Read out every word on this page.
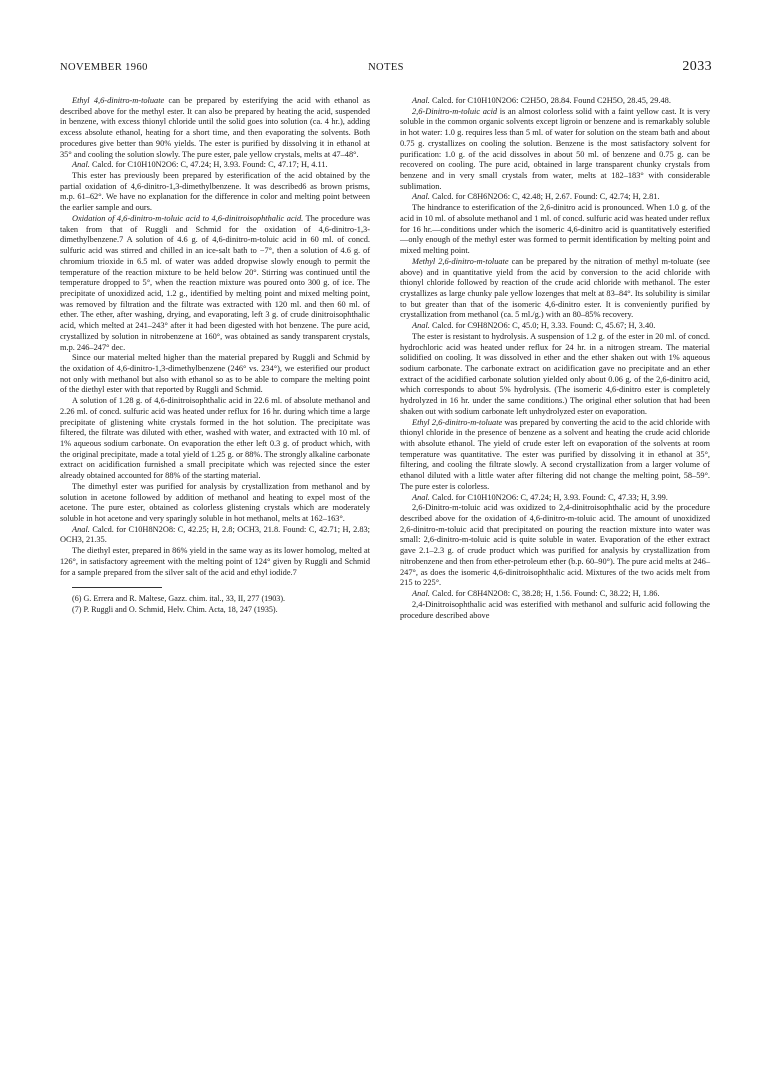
NOVEMBER 1960	NOTES	2033

Ethyl 4,6-dinitro-m-toluate can be prepared by esterifying the acid with ethanol as described above for the methyl ester. It can also be prepared by heating the acid, suspended in benzene, with excess thionyl chloride until the solid goes into solution (ca. 4 hr.), adding excess absolute ethanol, heating for a short time, and then evaporating the solvents. Both procedures give better than 90% yields. The ester is purified by dissolving it in ethanol at 35° and cooling the solution slowly. The pure ester, pale yellow crystals, melts at 47–48°.

Anal. Calcd. for C10H10N2O6: C, 47.24; H, 3.93. Found: C, 47.17; H, 4.11.

This ester has previously been prepared by esterification of the acid obtained by the partial oxidation of 4,6-dinitro-1,3-dimethylbenzene. It was described6 as brown prisms, m.p. 61–62°. We have no explanation for the difference in color and melting point between the earlier sample and ours.

Oxidation of 4,6-dinitro-m-toluic acid to 4,6-dinitroisophthalic acid. The procedure was taken from that of Ruggli and Schmid for the oxidation of 4,6-dinitro-1,3-dimethylbenzene.7 A solution of 4.6 g. of 4,6-dinitro-m-toluic acid in 60 ml. of concd. sulfuric acid was stirred and chilled in an ice-salt bath to −7°, then a solution of 4.6 g. of chromium trioxide in 6.5 ml. of water was added dropwise slowly enough to permit the temperature of the reaction mixture to be held below 20°. Stirring was continued until the temperature dropped to 5°, when the reaction mixture was poured onto 300 g. of ice. The precipitate of unoxidized acid, 1.2 g., identified by melting point and mixed melting point, was removed by filtration and the filtrate was extracted with 120 ml. and then 60 ml. of ether. The ether, after washing, drying, and evaporating, left 3 g. of crude dinitroisophthalic acid, which melted at 241–243° after it had been digested with hot benzene. The pure acid, crystallized by solution in nitrobenzene at 160°, was obtained as sandy transparent crystals, m.p. 246–247° dec.

Since our material melted higher than the material prepared by Ruggli and Schmid by the oxidation of 4,6-dinitro-1,3-dimethylbenzene (246° vs. 234°), we esterified our product not only with methanol but also with ethanol so as to be able to compare the melting point of the diethyl ester with that reported by Ruggli and Schmid.

A solution of 1.28 g. of 4,6-dinitroisophthalic acid in 22.6 ml. of absolute methanol and 2.26 ml. of concd. sulfuric acid was heated under reflux for 16 hr. during which time a large precipitate of glistening white crystals formed in the hot solution. The precipitate was filtered, the filtrate was diluted with ether, washed with water, and extracted with 10 ml. of 1% aqueous sodium carbonate. On evaporation the ether left 0.3 g. of product which, with the original precipitate, made a total yield of 1.25 g. or 88%. The strongly alkaline carbonate extract on acidification furnished a small precipitate which was rejected since the ester already obtained accounted for 88% of the starting material.

The dimethyl ester was purified for analysis by crystallization from methanol and by solution in acetone followed by addition of methanol and heating to expel most of the acetone. The pure ester, obtained as colorless glistening crystals which are moderately soluble in hot acetone and very sparingly soluble in hot methanol, melts at 162–163°.

Anal. Calcd. for C10H8N2O8: C, 42.25; H, 2.8; OCH3, 21.8. Found: C, 42.71; H, 2.83; OCH3, 21.35.

The diethyl ester, prepared in 86% yield in the same way as its lower homolog, melted at 126°, in satisfactory agreement with the melting point of 124° given by Ruggli and Schmid for a sample prepared from the silver salt of the acid and ethyl iodide.7

(6) G. Errera and R. Maltese, Gazz. chim. ital., 33, II, 277 (1903).

(7) P. Ruggli and O. Schmid, Helv. Chim. Acta, 18, 247 (1935).

Anal. Calcd. for C10H10N2O6: C2H5O, 28.84. Found C2H5O, 28.45, 29.48.

2,6-Dinitro-m-toluic acid is an almost colorless solid with a faint yellow cast. It is very soluble in the common organic solvents except ligroin or benzene and is remarkably soluble in hot water: 1.0 g. requires less than 5 ml. of water for solution on the steam bath and about 0.75 g. crystallizes on cooling the solution. Benzene is the most satisfactory solvent for purification: 1.0 g. of the acid dissolves in about 50 ml. of benzene and 0.75 g. can be recovered on cooling. The pure acid, obtained in large transparent chunky crystals from benzene and in very small crystals from water, melts at 182–183° with considerable sublimation.

Anal. Calcd. for C8H6N2O6: C, 42.48; H, 2.67. Found: C, 42.74; H, 2.81.

The hindrance to esterification of the 2,6-dinitro acid is pronounced. When 1.0 g. of the acid in 10 ml. of absolute methanol and 1 ml. of concd. sulfuric acid was heated under reflux for 16 hr.—conditions under which the isomeric 4,6-dinitro acid is quantitatively esterified—only enough of the methyl ester was formed to permit identification by melting point and mixed melting point.

Methyl 2,6-dinitro-m-toluate can be prepared by the nitration of methyl m-toluate (see above) and in quantitative yield from the acid by conversion to the acid chloride with thionyl chloride followed by reaction of the crude acid chloride with methanol. The ester crystallizes as large chunky pale yellow lozenges that melt at 83–84°. Its solubility is similar to but greater than that of the isomeric 4,6-dinitro ester. It is conveniently purified by crystallization from methanol (ca. 5 ml./g.) with an 80–85% recovery.

Anal. Calcd. for C9H8N2O6: C, 45.0; H, 3.33. Found: C, 45.67; H, 3.40.

The ester is resistant to hydrolysis. A suspension of 1.2 g. of the ester in 20 ml. of concd. hydrochloric acid was heated under reflux for 24 hr. in a nitrogen stream. The material solidified on cooling. It was dissolved in ether and the ether shaken out with 1% aqueous sodium carbonate. The carbonate extract on acidification gave no precipitate and an ether extract of the acidified carbonate solution yielded only about 0.06 g. of the 2,6-dinitro acid, which corresponds to about 5% hydrolysis. (The isomeric 4,6-dinitro ester is completely hydrolyzed in 16 hr. under the same conditions.) The original ether solution that had been shaken out with sodium carbonate left unhydrolyzed ester on evaporation.

Ethyl 2,6-dinitro-m-toluate was prepared by converting the acid to the acid chloride with thionyl chloride in the presence of benzene as a solvent and heating the crude acid chloride with absolute ethanol. The yield of crude ester left on evaporation of the solvents at room temperature was quantitative. The ester was purified by dissolving it in ethanol at 35°, filtering, and cooling the filtrate slowly. A second crystallization from a larger volume of ethanol diluted with a little water after filtering did not change the melting point, 58–59°. The pure ester is colorless.

Anal. Calcd. for C10H10N2O6: C, 47.24; H, 3.93. Found: C, 47.33; H, 3.99.

2,6-Dinitro-m-toluic acid was oxidized to 2,4-dinitroisophthalic acid by the procedure described above for the oxidation of 4,6-dinitro-m-toluic acid. The amount of unoxidized 2,6-dinitro-m-toluic acid that precipitated on pouring the reaction mixture into water was small: 2,6-dinitro-m-toluic acid is quite soluble in water. Evaporation of the ether extract gave 2.1–2.3 g. of crude product which was purified for analysis by crystallization from nitrobenzene and then from ether-petroleum ether (b.p. 60–90°). The pure acid melts at 246–247°, as does the isomeric 4,6-dinitroisophthalic acid. Mixtures of the two acids melt from 215 to 225°.

Anal. Calcd. for C8H4N2O8: C, 38.28; H, 1.56. Found: C, 38.22; H, 1.86.

2,4-Dinitroisophthalic acid was esterified with methanol and sulfuric acid following the procedure described above
